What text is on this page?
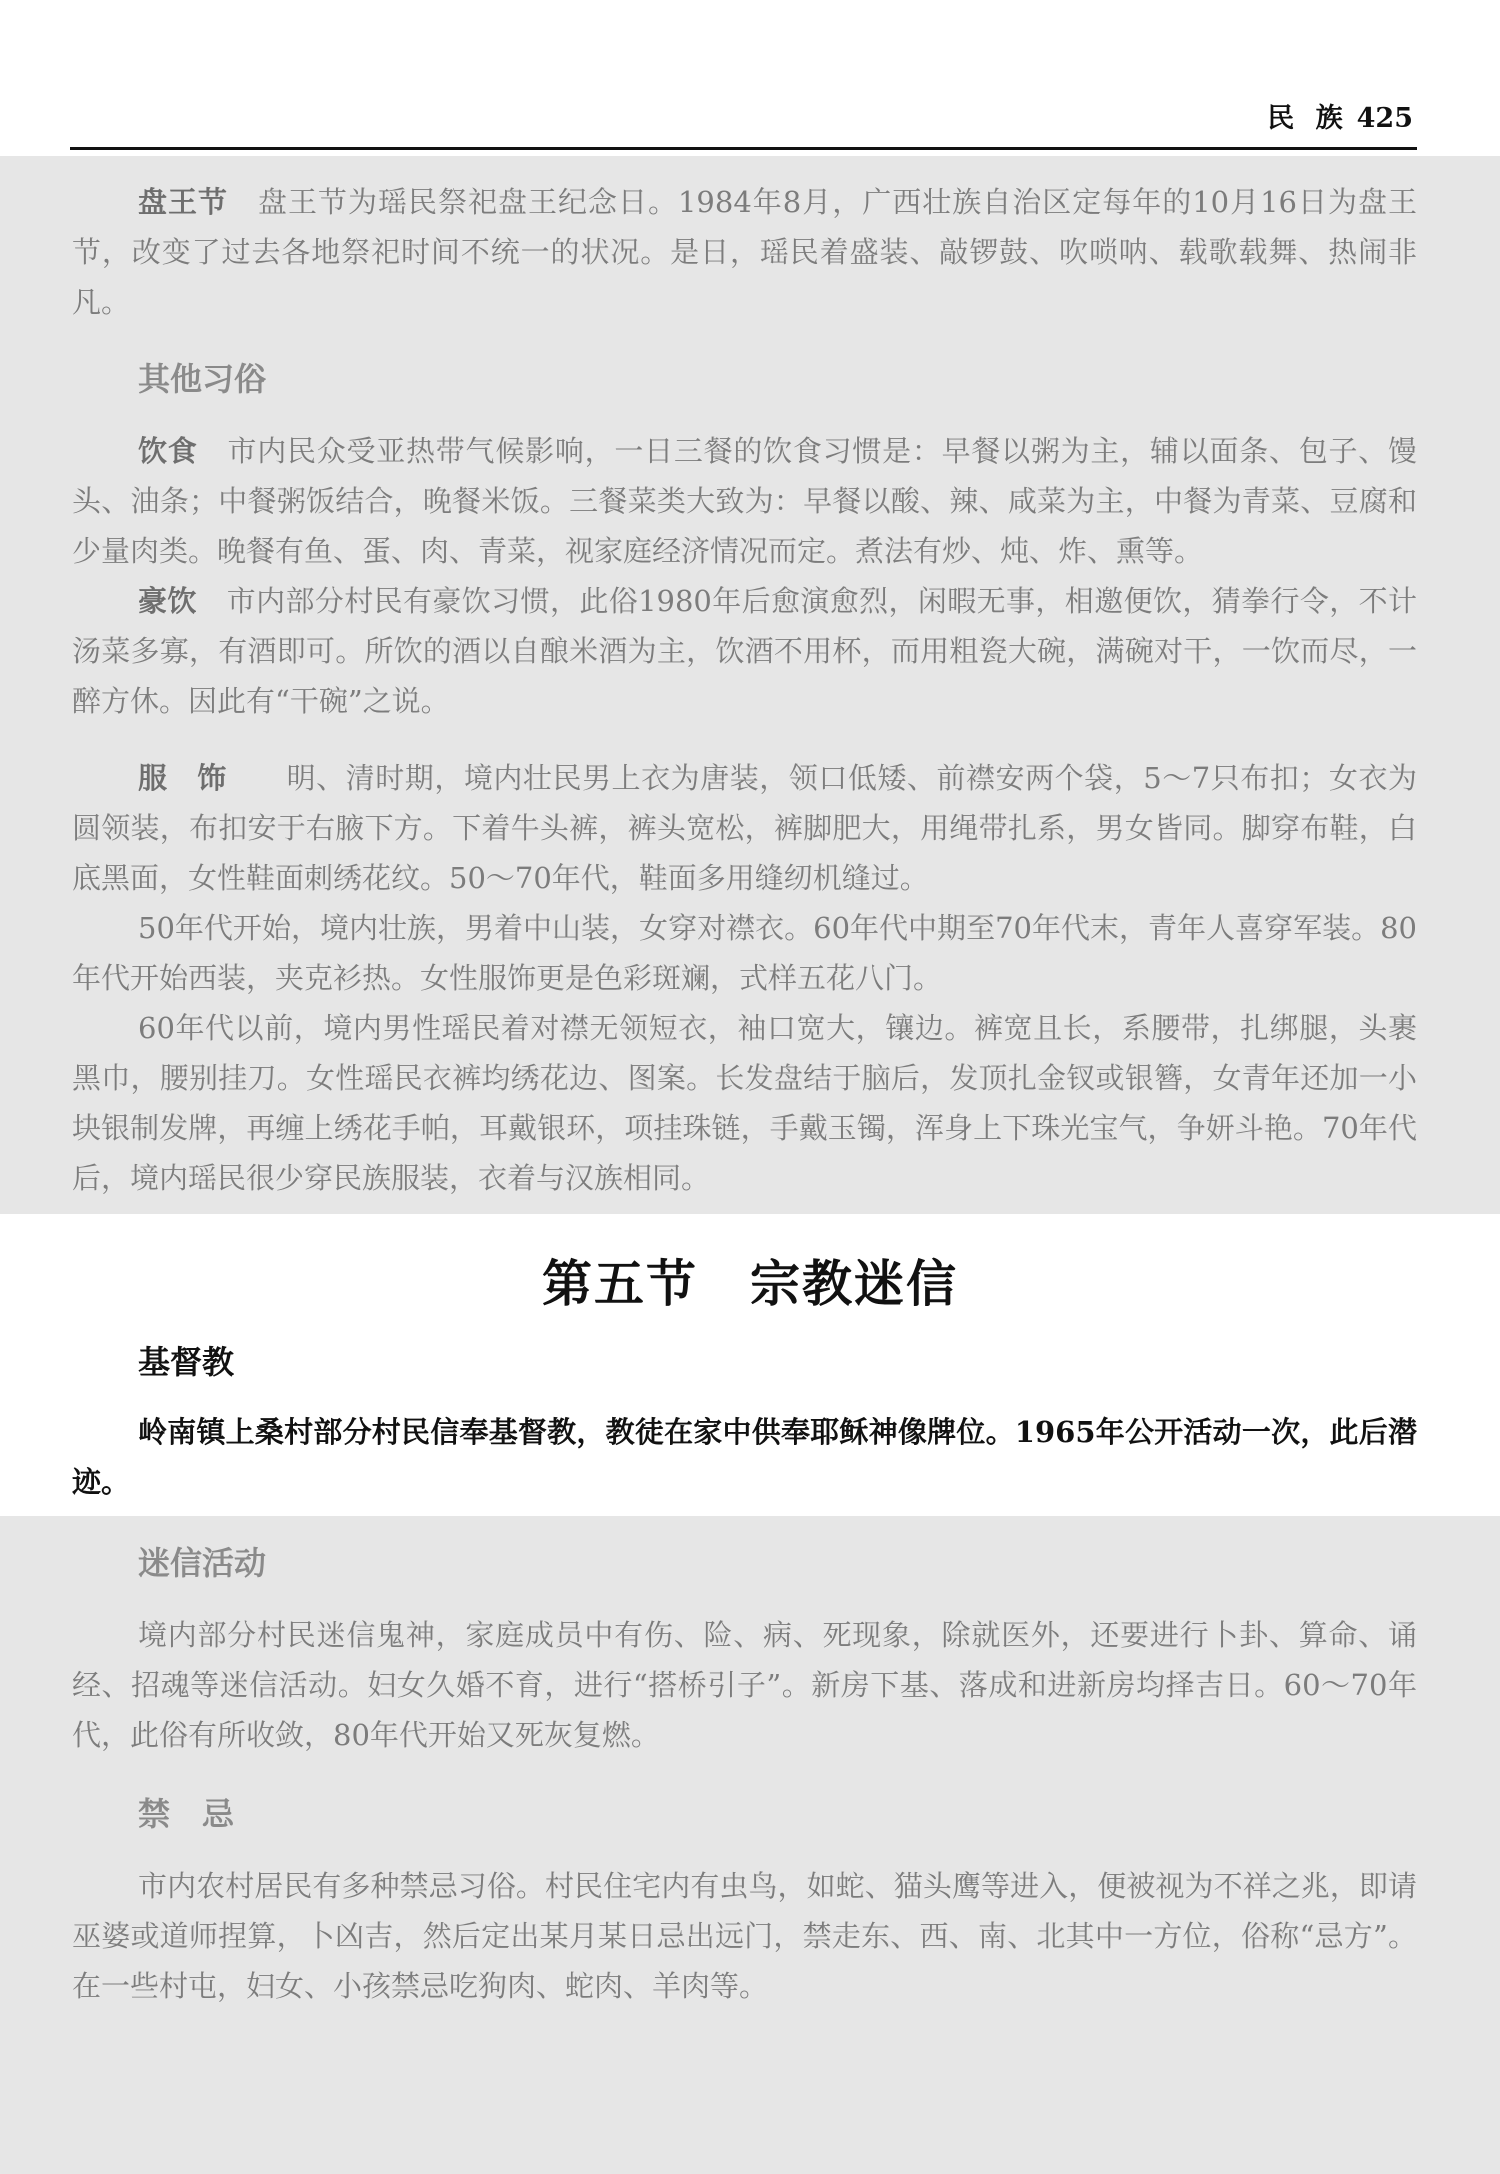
民 族 425

盘王节 盘王节为瑶民祭祀盘王纪念日。1984年8月，广西壮族自治区定每年的10月16日为盘王节，改变了过去各地祭祀时间不统一的状况。是日，瑶民着盛装、敲锣鼓、吹唢呐、载歌载舞、热闹非凡。

其他习俗

饮食 市内民众受亚热带气候影响，一日三餐的饮食习惯是：早餐以粥为主，辅以面条、包子、馒头、油条；中餐粥饭结合，晚餐米饭。三餐菜类大致为：早餐以酸、辣、咸菜为主，中餐为青菜、豆腐和少量肉类。晚餐有鱼、蛋、肉、青菜，视家庭经济情况而定。煮法有炒、炖、炸、熏等。

豪饮 市内部分村民有豪饮习惯，此俗1980年后愈演愈烈，闲暇无事，相邀便饮，猜拳行令，不计汤菜多寡，有酒即可。所饮的酒以自酿米酒为主，饮酒不用杯，而用粗瓷大碗，满碗对干，一饮而尽，一醉方休。因此有“干碗”之说。

服　饰 明、清时期，境内壮民男上衣为唐装，领口低矮、前襟安两个袋，5～7只布扣；女衣为圆领装，布扣安于右腋下方。下着牛头裤，裤头宽松，裤脚肥大，用绳带扎系，男女皆同。脚穿布鞋，白底黑面，女性鞋面刺绣花纹。50～70年代，鞋面多用缝纫机缝过。

50年代开始，境内壮族，男着中山装，女穿对襟衣。60年代中期至70年代末，青年人喜穿军装。80年代开始西装，夹克衫热。女性服饰更是色彩斑斓，式样五花八门。

60年代以前，境内男性瑶民着对襟无领短衣，袖口宽大，镶边。裤宽且长，系腰带，扎绑腿，头裹黑巾，腰别挂刀。女性瑶民衣裤均绣花边、图案。长发盘结于脑后，发顶扎金钗或银簪，女青年还加一小块银制发牌，再缠上绣花手帕，耳戴银环，项挂珠链，手戴玉镯，浑身上下珠光宝气，争妍斗艳。70年代后，境内瑶民很少穿民族服装，衣着与汉族相同。

第五节　宗教迷信
基督教

岭南镇上桑村部分村民信奉基督教，教徒在家中供奉耶稣神像牌位。1965年公开活动一次，此后潜迹。

迷信活动

境内部分村民迷信鬼神，家庭成员中有伤、险、病、死现象，除就医外，还要进行卜卦、算命、诵经、招魂等迷信活动。妇女久婚不育，进行“搭桥引子”。新房下基、落成和进新房均择吉日。60～70年代，此俗有所收敛，80年代开始又死灰复燃。

禁　忌

市内农村居民有多种禁忌习俗。村民住宅内有虫鸟，如蛇、猫头鹰等进入，便被视为不祥之兆，即请巫婆或道师捏算，卜凶吉，然后定出某月某日忌出远门，禁走东、西、南、北其中一方位，俗称“忌方”。在一些村屯，妇女、小孩禁忌吃狗肉、蛇肉、羊肉等。
